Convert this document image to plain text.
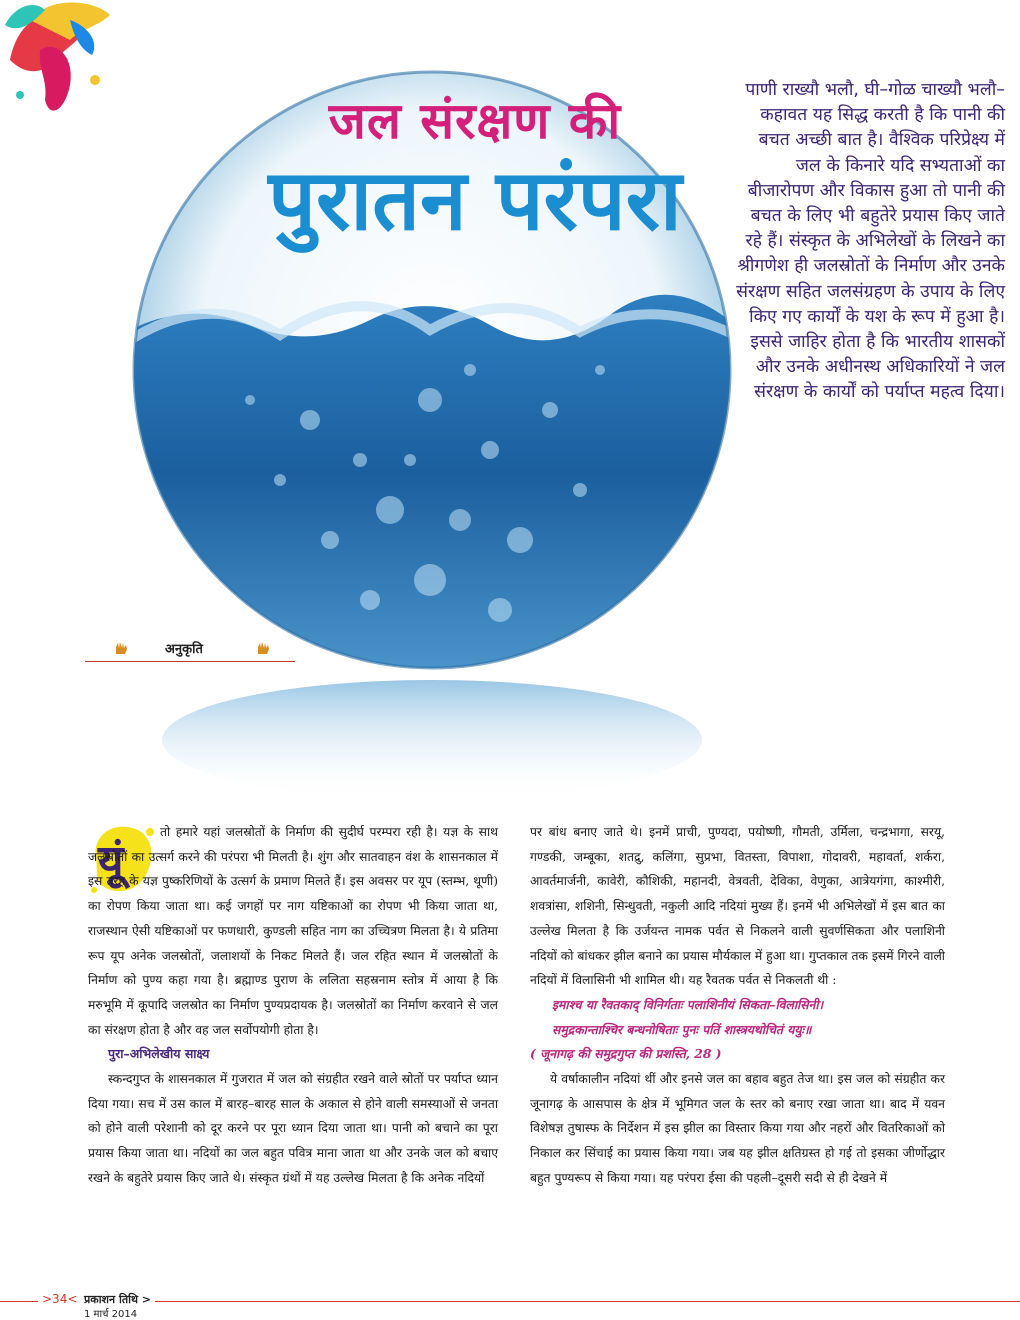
जल संरक्षण की
पुरातन परंपरा
पाणी राख्यौ भलौ, घी–गोळ चाख्यौ भलौ– कहावत यह सिद्ध करती है कि पानी की बचत अच्छी बात है। वैश्विक परिप्रेक्ष्य में जल के किनारे यदि सभ्यताओं का बीजारोपण और विकास हुआ तो पानी की बचत के लिए भी बहुतेरे प्रयास किए जाते रहे हैं। संस्कृत के अभिलेखों के लिखने का श्रीगणेश ही जलस्रोतों के निर्माण और उनके संरक्षण सहित जलसंग्रहण के उपाय के लिए किए गए कार्यों के यश के रूप में हुआ है। इससे जाहिर होता है कि भारतीय शासकों और उनके अधीनस्थ अधिकारियों ने जल संरक्षण के कार्यों को पर्याप्त महत्व दिया।
अनुकृति
यूं

तो हमारे यहां जलस्रोतों के निर्माण की सुदीर्घ परम्परा रही है। यज्ञ के साथ जलस्रोतों का उत्सर्ग करने की परंपरा भी मिलती है। शुंग और सातवाहन वंश के शासनकाल में इस तरह के यज्ञ पुष्करिणियों के उत्सर्ग के प्रमाण मिलते हैं। इस अवसर पर यूप (स्तम्भ, थूणी) का रोपण किया जाता था। कई जगहों पर नाग यष्टिकाओं का रोपण भी किया जाता था, राजस्थान ऐसी यष्टिकाओं पर फणधारी, कुण्डली सहित नाग का उच्चित्रण मिलता है। ये प्रतिमा रूप यूप अनेक जलस्रोतों, जलाशयों के निकट मिलते हैं। जल रहित स्थान में जलस्रोतों के निर्माण को पुण्य कहा गया है। ब्रह्माण्ड पुराण के ललिता सहस्रनाम स्तोत्र में आया है कि मरुभूमि में कूपादि जलस्रोत का निर्माण पुण्यप्रदायक है। जलस्रोतों का निर्माण करवाने से जल का संरक्षण होता है और वह जल सर्वोपयोगी होता है।

पुरा–अभिलेखीय साक्ष्य

स्कन्दगुप्त के शासनकाल में गुजरात में जल को संग्रहीत रखने वाले स्रोतों पर पर्याप्त ध्यान दिया गया। सच में उस काल में बारह–बारह साल के अकाल से होने वाली समस्याओं से जनता को होने वाली परेशानी को दूर करने पर पूरा ध्यान दिया जाता था। पानी को बचाने का पूरा प्रयास किया जाता था। नदियों का जल बहुत पवित्र माना जाता था और उनके जल को बचाए रखने के बहुतेरे प्रयास किए जाते थे। संस्कृत ग्रंथों में यह उल्लेख मिलता है कि अनेक नदियों

पर बांध बनाए जाते थे। इनमें प्राची, पुण्यदा, पयोष्णी, गौमती, उर्मिला, चन्द्रभागा, सरयू, गण्डकी, जम्बूका, शतद्रु, कलिंगा, सुप्रभा, वितस्ता, विपाशा, गोदावरी, महावर्ता, शर्करा, आवर्तमार्जनी, कावेरी, कौशिकी, महानदी, वेत्रवती, देविका, वेणुका, आत्रेयगंगा, काश्मीरी, शवत्रांसा, शशिनी, सिन्धुवती, नकुली आदि नदियां मुख्य हैं। इनमें भी अभिलेखों में इस बात का उल्लेख मिलता है कि उर्जयन्त नामक पर्वत से निकलने वाली सुवर्णसिकता और पलाशिनी नदियों को बांधकर झील बनाने का प्रयास मौर्यकाल में हुआ था। गुप्तकाल तक इसमें गिरने वाली नदियों में विलासिनी भी शामिल थी। यह रैवतक पर्वत से निकलती थी :

इमाश्च या रैवतकाद् विनिर्गताः पलाशिनीयं सिकता–विलासिनी।

समुद्रकान्ताश्चिर बन्धनोषिताः पुनः पतिं शास्त्रयथोचितं ययुः॥

( जूनागढ़ की समुद्रगुप्त की प्रशस्ति, 28 )

ये वर्षाकालीन नदियां थीं और इनसे जल का बहाव बहुत तेज था। इस जल को संग्रहीत कर जूनागढ़ के आसपास के क्षेत्र में भूमिगत जल के स्तर को बनाए रखा जाता था। बाद में यवन विशेषज्ञ तुषास्फ के निर्देशन में इस झील का विस्तार किया गया और नहरों और वितरिकाओं को निकाल कर सिंचाई का प्रयास किया गया। जब यह झील क्षतिग्रस्त हो गई तो इसका जीर्णोद्धार बहुत पुण्यरूप से किया गया। यह परंपरा ईसा की पहली–दूसरी सदी से ही देखने में

>34< प्रकाशन तिथि >
1 मार्च 2014
